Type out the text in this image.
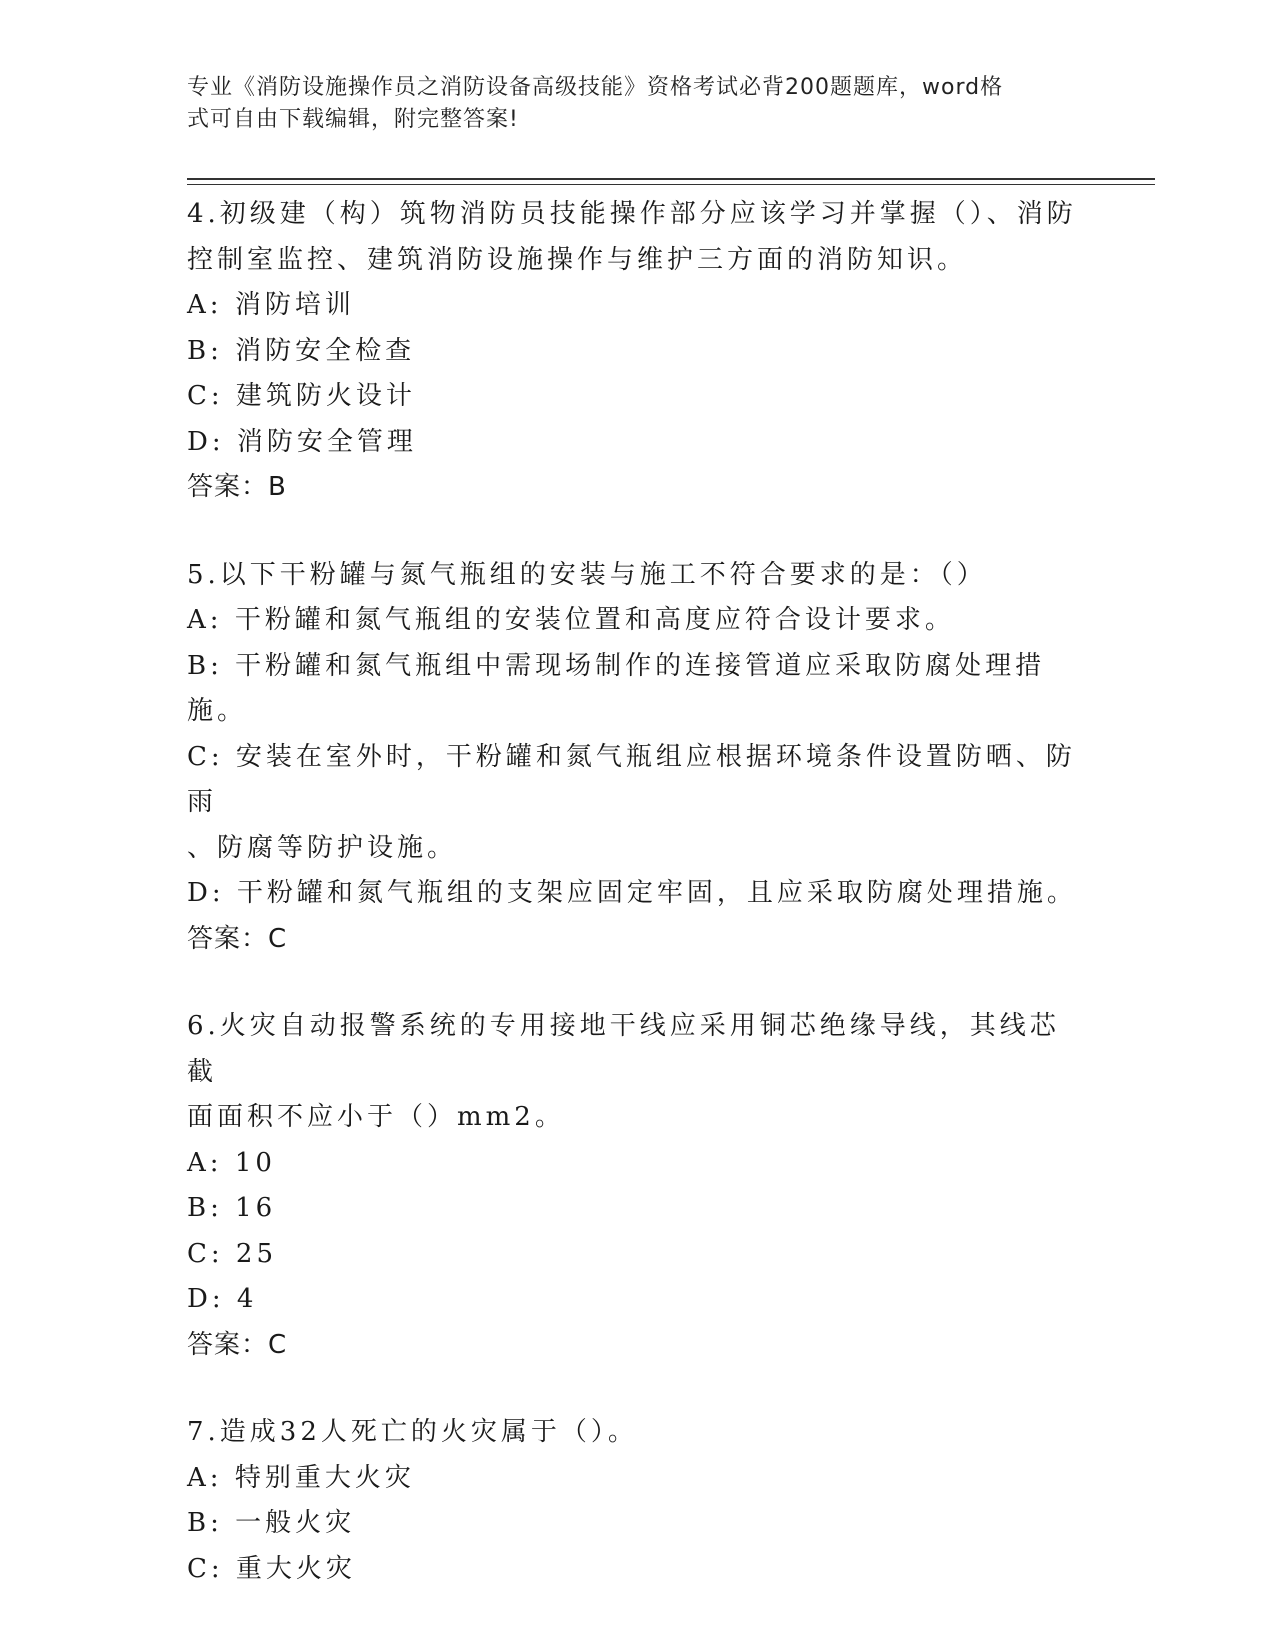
专业《消防设施操作员之消防设备高级技能》资格考试必背200题题库，word格
式可自由下载编辑，附完整答案!

4.初级建（构）筑物消防员技能操作部分应该学习并掌握（）、消防

控制室监控、建筑消防设施操作与维护三方面的消防知识。

A: 消防培训

B: 消防安全检查

C: 建筑防火设计

D: 消防安全管理

答案：B

5.以下干粉罐与氮气瓶组的安装与施工不符合要求的是：（）

A: 干粉罐和氮气瓶组的安装位置和高度应符合设计要求。

B: 干粉罐和氮气瓶组中需现场制作的连接管道应采取防腐处理措施。

C: 安装在室外时，干粉罐和氮气瓶组应根据环境条件设置防晒、防雨

、防腐等防护设施。

D: 干粉罐和氮气瓶组的支架应固定牢固，且应采取防腐处理措施。

答案：C

6.火灾自动报警系统的专用接地干线应采用铜芯绝缘导线，其线芯截

面面积不应小于（）mm2。

A: 10

B: 16

C: 25

D: 4

答案：C

7.造成32人死亡的火灾属于（）。

A: 特别重大火灾

B: 一般火灾

C: 重大火灾
